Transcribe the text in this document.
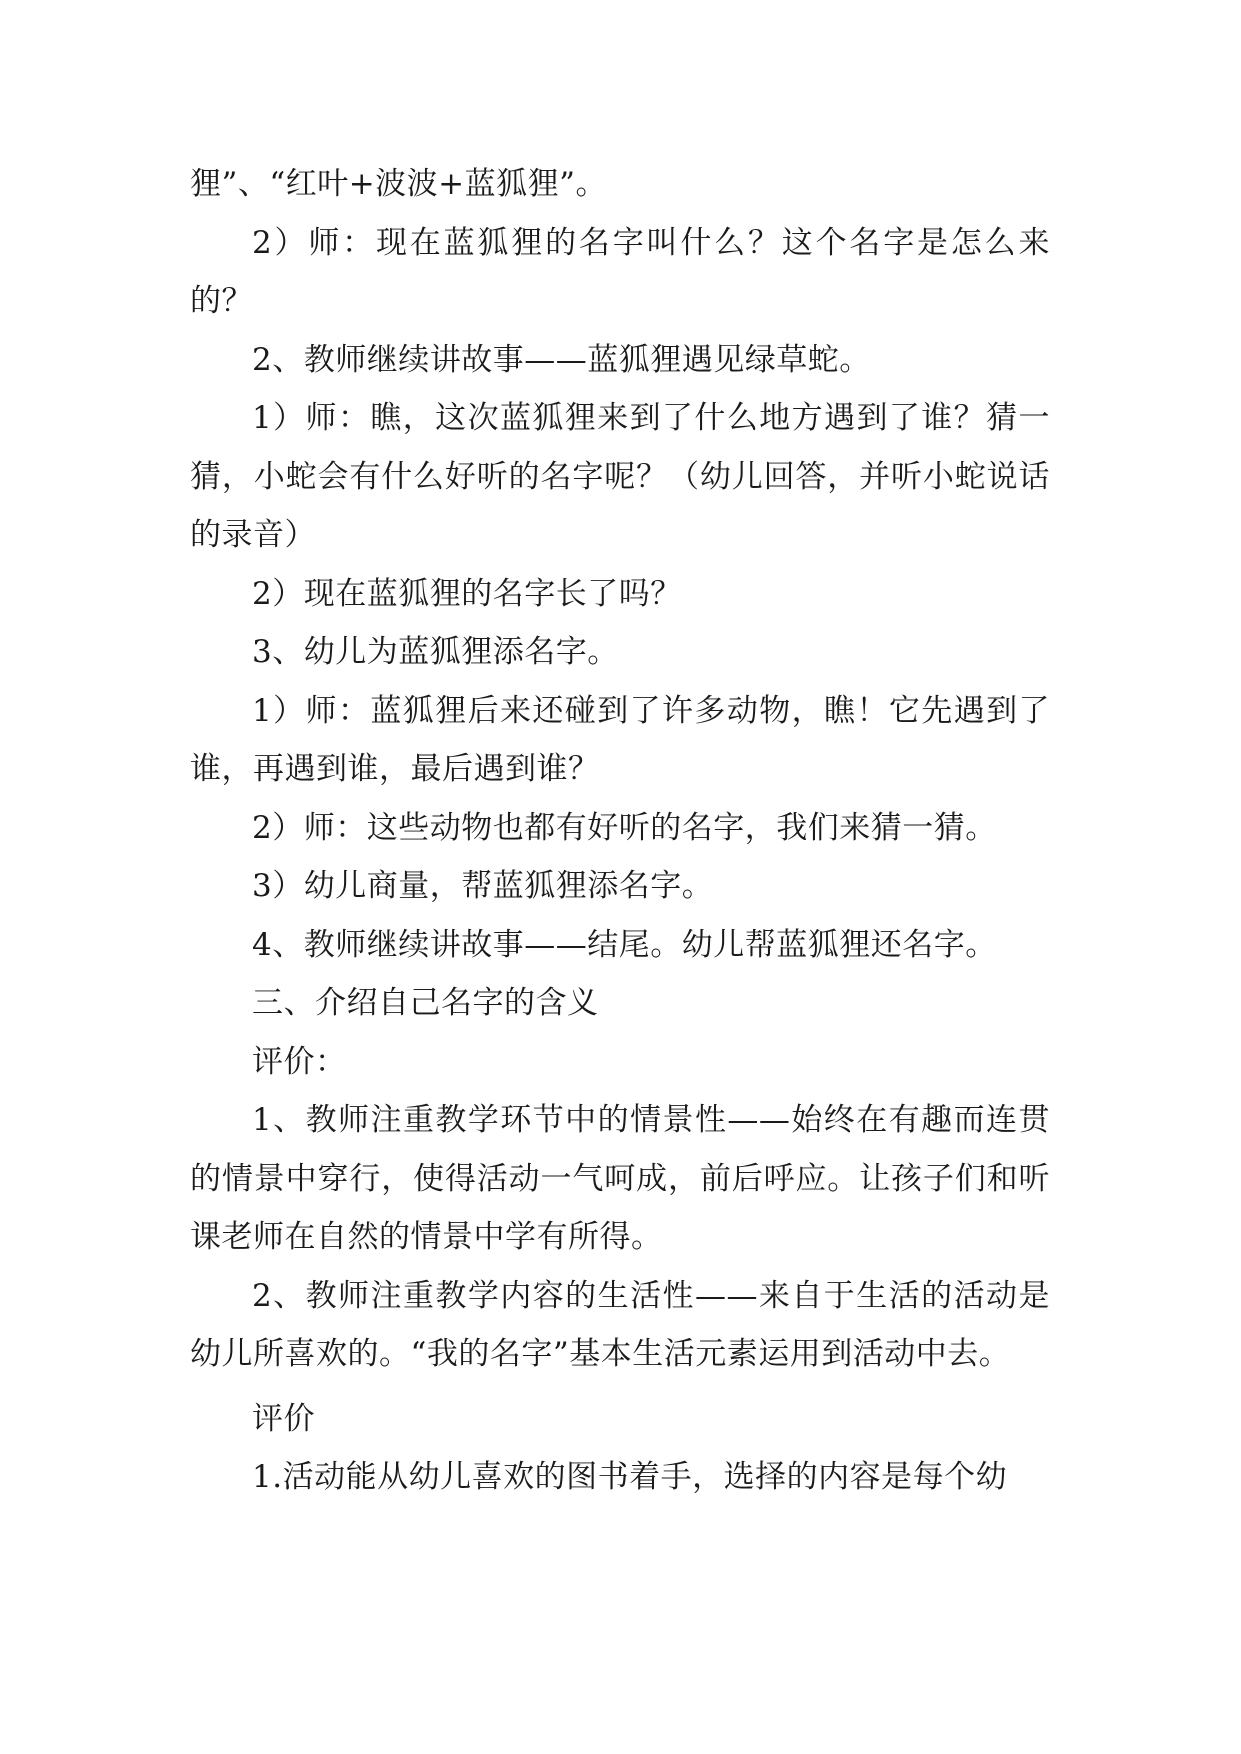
狸”、“红叶+波波+蓝狐狸”。

2）师：现在蓝狐狸的名字叫什么？这个名字是怎么来的？

2、教师继续讲故事——蓝狐狸遇见绿草蛇。

1）师：瞧，这次蓝狐狸来到了什么地方遇到了谁？猜一猜，小蛇会有什么好听的名字呢？（幼儿回答，并听小蛇说话的录音）

2）现在蓝狐狸的名字长了吗？

3、幼儿为蓝狐狸添名字。

1）师：蓝狐狸后来还碰到了许多动物，瞧！它先遇到了谁，再遇到谁，最后遇到谁？

2）师：这些动物也都有好听的名字，我们来猜一猜。

3）幼儿商量，帮蓝狐狸添名字。

4、教师继续讲故事——结尾。幼儿帮蓝狐狸还名字。

三、介绍自己名字的含义

评价：

1、教师注重教学环节中的情景性——始终在有趣而连贯的情景中穿行，使得活动一气呵成，前后呼应。让孩子们和听课老师在自然的情景中学有所得。

2、教师注重教学内容的生活性——来自于生活的活动是幼儿所喜欢的。“我的名字”基本生活元素运用到活动中去。

评价

1.活动能从幼儿喜欢的图书着手，选择的内容是每个幼
